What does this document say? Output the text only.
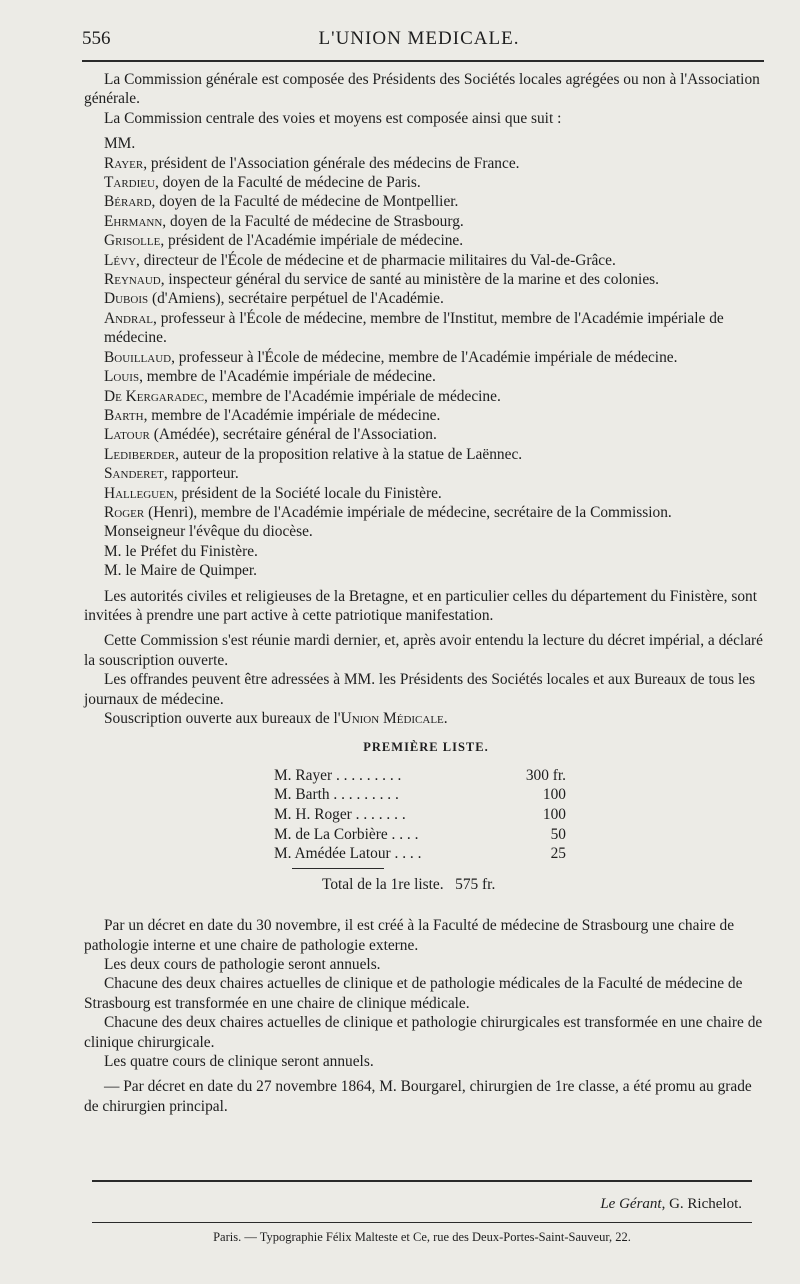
556	L'UNION MEDICALE.

La Commission générale est composée des Présidents des Sociétés locales agrégées ou non à l'Association générale.

La Commission centrale des voies et moyens est composée ainsi que suit :

MM.

Rayer, président de l'Association générale des médecins de France.

Tardieu, doyen de la Faculté de médecine de Paris.

Bérard, doyen de la Faculté de médecine de Montpellier.

Ehrmann, doyen de la Faculté de médecine de Strasbourg.

Grisolle, président de l'Académie impériale de médecine.

Lévy, directeur de l'École de médecine et de pharmacie militaires du Val-de-Grâce.

Reynaud, inspecteur général du service de santé au ministère de la marine et des colonies.

Dubois (d'Amiens), secrétaire perpétuel de l'Académie.

Andral, professeur à l'École de médecine, membre de l'Institut, membre de l'Académie impériale de médecine.

Bouillaud, professeur à l'École de médecine, membre de l'Académie impériale de médecine.

Louis, membre de l'Académie impériale de médecine.

De Kergaradec, membre de l'Académie impériale de médecine.

Barth, membre de l'Académie impériale de médecine.

Latour (Amédée), secrétaire général de l'Association.

Lediberder, auteur de la proposition relative à la statue de Laënnec.

Sanderet, rapporteur.

Halleguen, président de la Société locale du Finistère.

Roger (Henri), membre de l'Académie impériale de médecine, secrétaire de la Commission.

Monseigneur l'évêque du diocèse.

M. le Préfet du Finistère.

M. le Maire de Quimper.

Les autorités civiles et religieuses de la Bretagne, et en particulier celles du département du Finistère, sont invitées à prendre une part active à cette patriotique manifestation.

Cette Commission s'est réunie mardi dernier, et, après avoir entendu la lecture du décret impérial, a déclaré la souscription ouverte.

Les offrandes peuvent être adressées à MM. les Présidents des Sociétés locales et aux Bureaux de tous les journaux de médecine.

Souscription ouverte aux bureaux de l'Union Médicale.

PREMIÈRE LISTE.
M. Rayer . . . . . . . . .	300 fr.
M. Barth . . . . . . . . .	100
M. H. Roger . . . . . . .	100
M. de La Corbière . . . .	50
M. Amédée Latour . . . .	25
Total de la 1re liste. 575 fr.

Par un décret en date du 30 novembre, il est créé à la Faculté de médecine de Strasbourg une chaire de pathologie interne et une chaire de pathologie externe.

Les deux cours de pathologie seront annuels.

Chacune des deux chaires actuelles de clinique et de pathologie médicales de la Faculté de médecine de Strasbourg est transformée en une chaire de clinique médicale.

Chacune des deux chaires actuelles de clinique et pathologie chirurgicales est transformée en une chaire de clinique chirurgicale.

Les quatre cours de clinique seront annuels.

— Par décret en date du 27 novembre 1864, M. Bourgarel, chirurgien de 1re classe, a été promu au grade de chirurgien principal.

Le Gérant, G. Richelot.
Paris. — Typographie Félix Malteste et Ce, rue des Deux-Portes-Saint-Sauveur, 22.
